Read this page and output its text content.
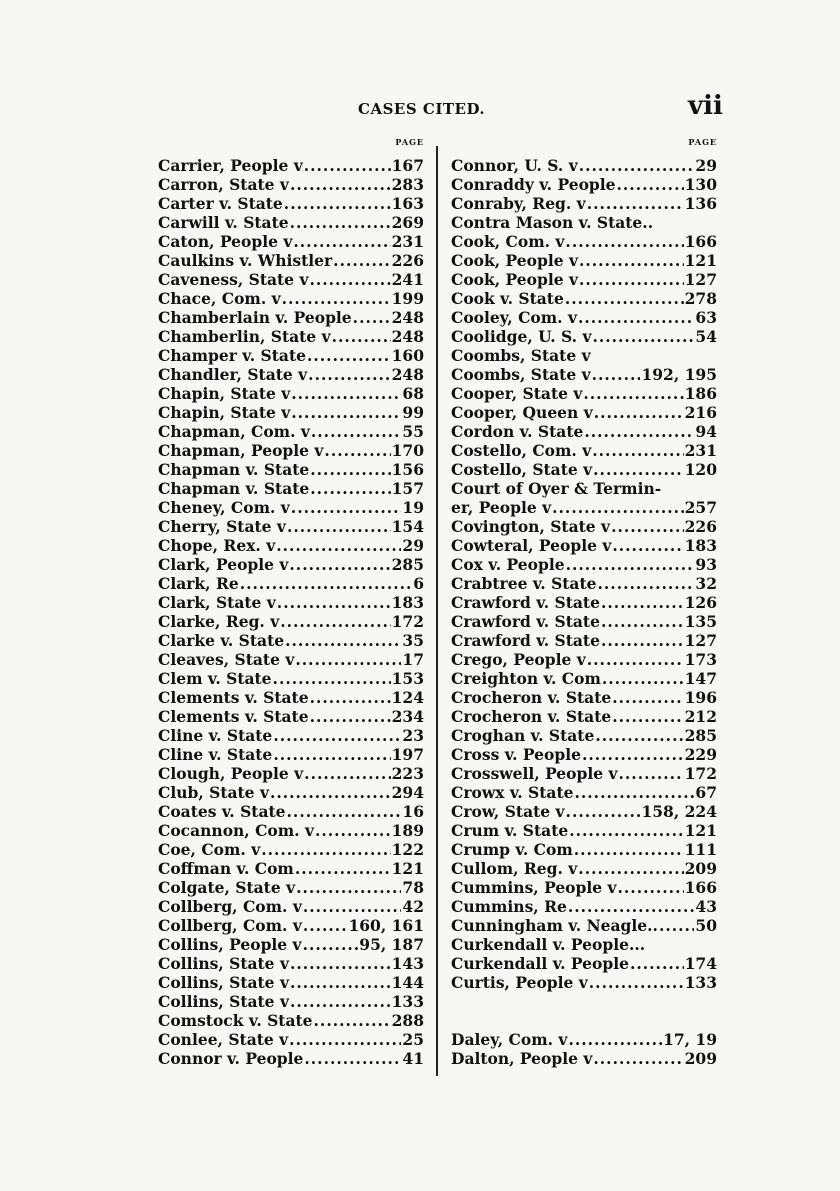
CASES CITED.	vii
PAGE
Carrier, People v .....	167
Carron, State v .....	283
Carter v. State .....	163
Carwill v. State .....	269
Caton, People v .....	231
Caulkins v. Whistler .....	226
Caveness, State v .....	241
Chace, Com. v .....	199
Chamberlain v. People .....	248
Chamberlin, State v .....	248
Champer v. State .....	160
Chandler, State v .....	248
Chapin, State v .....	68
Chapin, State v .....	99
Chapman, Com. v .....	55
Chapman, People v .....	170
Chapman v. State .....	156
Chapman v. State .....	157
Cheney, Com. v .....	19
Cherry, State v .....	154
Chope, Rex. v .....	29
Clark, People v .....	285
Clark, Re .....	6
Clark, State v .....	183
Clarke, Reg. v .....	172
Clarke v. State .....	35
Cleaves, State v .....	17
Clem v. State .....	153
Clements v. State .....	124
Clements v. State .....	234
Cline v. State .....	23
Cline v. State .....	197
Clough, People v .....	223
Club, State v .....	294
Coates v. State .....	16
Cocannon, Com. v .....	189
Coe, Com. v .....	122
Coffman v. Com .....	121
Colgate, State v .....	78
Collberg, Com. v .....	42
Collberg, Com. v .....	160, 161
Collins, People v .....	95, 187
Collins, State v .....	143
Collins, State v .....	144
Collins, State v .....	133
Comstock v. State .....	288
Conlee, State v .....	25
Connor v. People .....	41
PAGE
Connor, U. S. v .....	29
Conraddy v. People .....	130
Conraby, Reg. v .....	136
Contra Mason v. State..
Cook, Com. v .....	166
Cook, People v .....	121
Cook, People v .....	127
Cook v. State .....	278
Cooley, Com. v .....	63
Coolidge, U. S. v .....	54
Coombs, State v
Coombs, State v .....	192, 195
Cooper, State v .....	186
Cooper, Queen v .....	216
Cordon v. State .....	94
Costello, Com. v .....	231
Costello, State v .....	120
Court of Oyer & Termin-
er, People v .....	257
Covington, State v .....	226
Cowteral, People v .....	183
Cox v. People .....	93
Crabtree v. State .....	32
Crawford v. State .....	126
Crawford v. State .....	135
Crawford v. State .....	127
Crego, People v .....	173
Creighton v. Com .....	147
Crocheron v. State .....	196
Crocheron v. State .....	212
Croghan v. State .....	285
Cross v. People .....	229
Crosswell, People v .....	172
Crowx v. State .....	67
Crow, State v .....	158, 224
Crum v. State .....	121
Crump v. Com .....	111
Cullom, Reg. v .....	209
Cummins, People v .....	166
Cummins, Re .....	43
Cunningham v. Neagle.. ..... 50
Curkendall v. People...
Curkendall v. People .....	174
Curtis, People v .....	133
Daley, Com. v .....	17, 19
Dalton, People v .....	209
